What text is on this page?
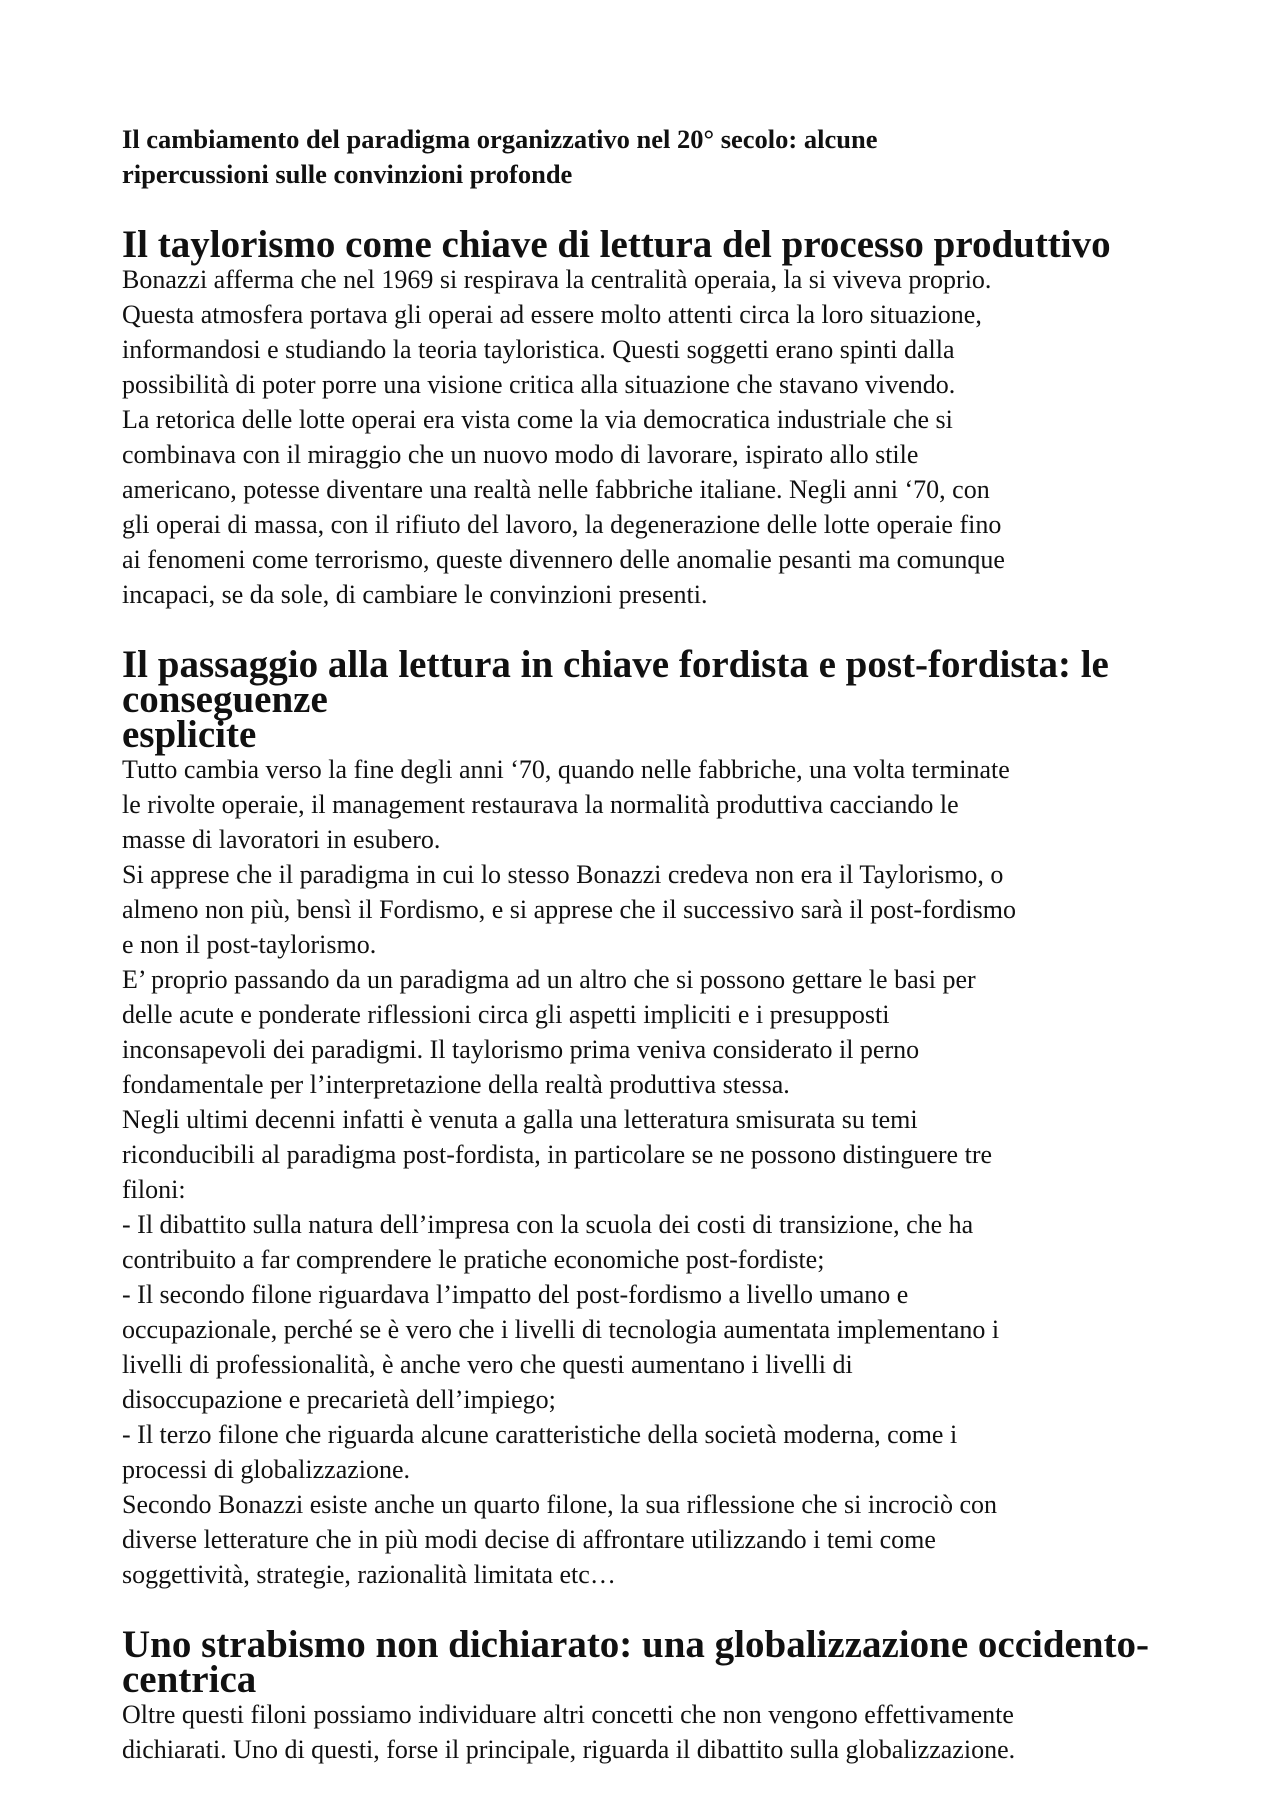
Il cambiamento del paradigma organizzativo nel 20° secolo: alcune
ripercussioni sulle convinzioni profonde
Il taylorismo come chiave di lettura del processo produttivo

Bonazzi afferma che nel 1969 si respirava la centralità operaia, la si viveva proprio.
Questa atmosfera portava gli operai ad essere molto attenti circa la loro situazione,
informandosi e studiando la teoria tayloristica. Questi soggetti erano spinti dalla
possibilità di poter porre una visione critica alla situazione che stavano vivendo.

La retorica delle lotte operai era vista come la via democratica industriale che si
combinava con il miraggio che un nuovo modo di lavorare, ispirato allo stile
americano, potesse diventare una realtà nelle fabbriche italiane. Negli anni ‘70, con
gli operai di massa, con il rifiuto del lavoro, la degenerazione delle lotte operaie fino
ai fenomeni come terrorismo, queste divennero delle anomalie pesanti ma comunque
incapaci, se da sole, di cambiare le convinzioni presenti.

Il passaggio alla lettura in chiave fordista e post-fordista: le conseguenze
esplicite

Tutto cambia verso la fine degli anni ‘70, quando nelle fabbriche, una volta terminate
le rivolte operaie, il management restaurava la normalità produttiva cacciando le
masse di lavoratori in esubero.

Si apprese che il paradigma in cui lo stesso Bonazzi credeva non era il Taylorismo, o
almeno non più, bensì il Fordismo, e si apprese che il successivo sarà il post-fordismo
e non il post-taylorismo.

E’ proprio passando da un paradigma ad un altro che si possono gettare le basi per
delle acute e ponderate riflessioni circa gli aspetti impliciti e i presupposti
inconsapevoli dei paradigmi. Il taylorismo prima veniva considerato il perno
fondamentale per l’interpretazione della realtà produttiva stessa.

Negli ultimi decenni infatti è venuta a galla una letteratura smisurata su temi
riconducibili al paradigma post-fordista, in particolare se ne possono distinguere tre
filoni:

- Il dibattito sulla natura dell’impresa con la scuola dei costi di transizione, che ha
contribuito a far comprendere le pratiche economiche post-fordiste;

- Il secondo filone riguardava l’impatto del post-fordismo a livello umano e
occupazionale, perché se è vero che i livelli di tecnologia aumentata implementano i
livelli di professionalità, è anche vero che questi aumentano i livelli di
disoccupazione e precarietà dell’impiego;

- Il terzo filone che riguarda alcune caratteristiche della società moderna, come i
processi di globalizzazione.

Secondo Bonazzi esiste anche un quarto filone, la sua riflessione che si incrociò con
diverse letterature che in più modi decise di affrontare utilizzando i temi come
soggettività, strategie, razionalità limitata etc…

Uno strabismo non dichiarato: una globalizzazione occidento-centrica

Oltre questi filoni possiamo individuare altri concetti che non vengono effettivamente
dichiarati. Uno di questi, forse il principale, riguarda il dibattito sulla globalizzazione.
